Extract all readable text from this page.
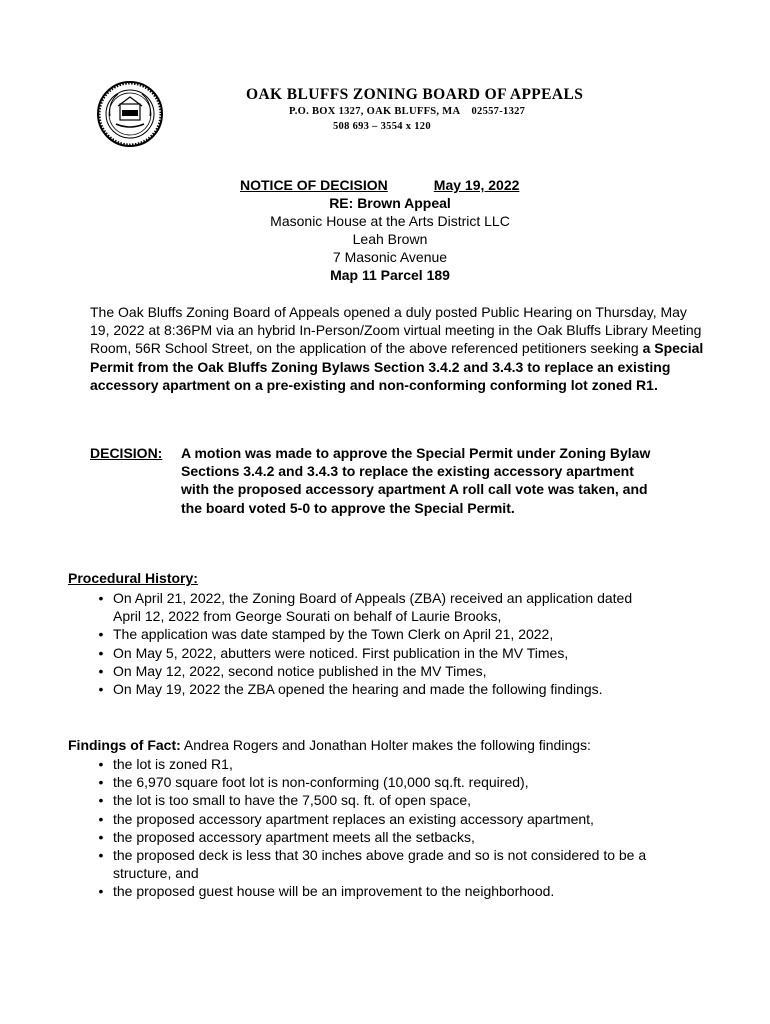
OAK BLUFFS ZONING BOARD OF APPEALS
P.O. BOX 1327, OAK BLUFFS, MA    02557-1327
508 693 – 3554 x 120
NOTICE OF DECISION	May 19, 2022
RE: Brown Appeal
Masonic House at the Arts District LLC
Leah Brown
7 Masonic Avenue
Map 11 Parcel 189
The Oak Bluffs Zoning Board of Appeals opened a duly posted Public Hearing on Thursday, May 19, 2022 at 8:36PM via an hybrid In-Person/Zoom virtual meeting in the Oak Bluffs Library Meeting Room, 56R School Street, on the application of the above referenced petitioners seeking a Special Permit from the Oak Bluffs Zoning Bylaws Section 3.4.2 and 3.4.3 to replace an existing accessory apartment on a pre-existing and non-conforming conforming lot zoned R1.
DECISION: A motion was made to approve the Special Permit under Zoning Bylaw Sections 3.4.2 and 3.4.3 to replace the existing accessory apartment with the proposed accessory apartment A roll call vote was taken, and the board voted 5-0 to approve the Special Permit.
Procedural History:
• On April 21, 2022, the Zoning Board of Appeals (ZBA) received an application dated April 12, 2022 from George Sourati on behalf of Laurie Brooks,
• The application was date stamped by the Town Clerk on April 21, 2022,
• On May 5, 2022, abutters were noticed. First publication in the MV Times,
• On May 12, 2022, second notice published in the MV Times,
• On May 19, 2022 the ZBA opened the hearing and made the following findings.
Findings of Fact: Andrea Rogers and Jonathan Holter makes the following findings:
• the lot is zoned R1,
• the 6,970 square foot lot is non-conforming (10,000 sq.ft. required),
• the lot is too small to have the 7,500 sq. ft. of open space,
• the proposed accessory apartment replaces an existing accessory apartment,
• the proposed accessory apartment meets all the setbacks,
• the proposed deck is less that 30 inches above grade and so is not considered to be a structure, and
• the proposed guest house will be an improvement to the neighborhood.
